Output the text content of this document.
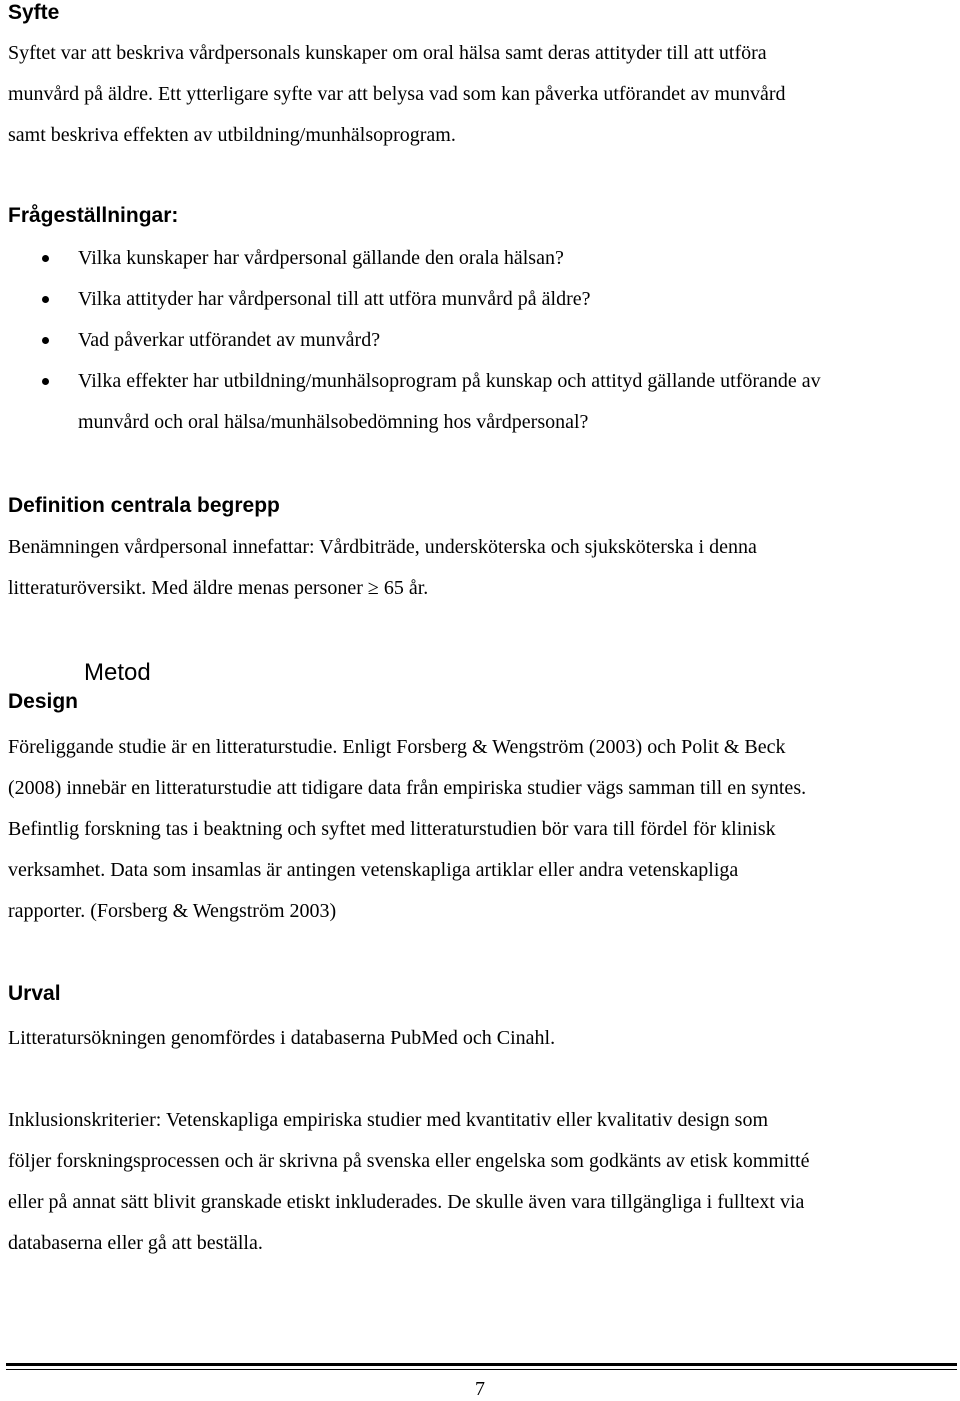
Syfte

Syftet var att beskriva vårdpersonals kunskaper om oral hälsa samt deras attityder till att utföra

munvård på äldre. Ett ytterligare syfte var att belysa vad som kan påverka utförandet av munvård

samt beskriva effekten av utbildning/munhälsoprogram.

Frågeställningar:

Vilka kunskaper har vårdpersonal gällande den orala hälsan?

Vilka attityder har vårdpersonal till att utföra munvård på äldre?

Vad påverkar utförandet av munvård?

Vilka effekter har utbildning/munhälsoprogram på kunskap och attityd gällande utförande av

munvård och oral hälsa/munhälsobedömning hos vårdpersonal?

Definition centrala begrepp

Benämningen vårdpersonal innefattar: Vårdbiträde, undersköterska och sjuksköterska i denna

litteraturöversikt. Med äldre menas personer ≥ 65 år.

Metod
Design

Föreliggande studie är en litteraturstudie. Enligt Forsberg & Wengström (2003) och Polit & Beck

(2008) innebär en litteraturstudie att tidigare data från empiriska studier vägs samman till en syntes.

Befintlig forskning tas i beaktning och syftet med litteraturstudien bör vara till fördel för klinisk

verksamhet. Data som insamlas är antingen vetenskapliga artiklar eller andra vetenskapliga

rapporter. (Forsberg & Wengström 2003)

Urval

Litteratursökningen genomfördes i databaserna PubMed och Cinahl.

Inklusionskriterier: Vetenskapliga empiriska studier med kvantitativ eller kvalitativ design som

följer forskningsprocessen och är skrivna på svenska eller engelska som godkänts av etisk kommitté

eller på annat sätt blivit granskade etiskt inkluderades. De skulle även vara tillgängliga i fulltext via

databaserna eller gå att beställa.

7
